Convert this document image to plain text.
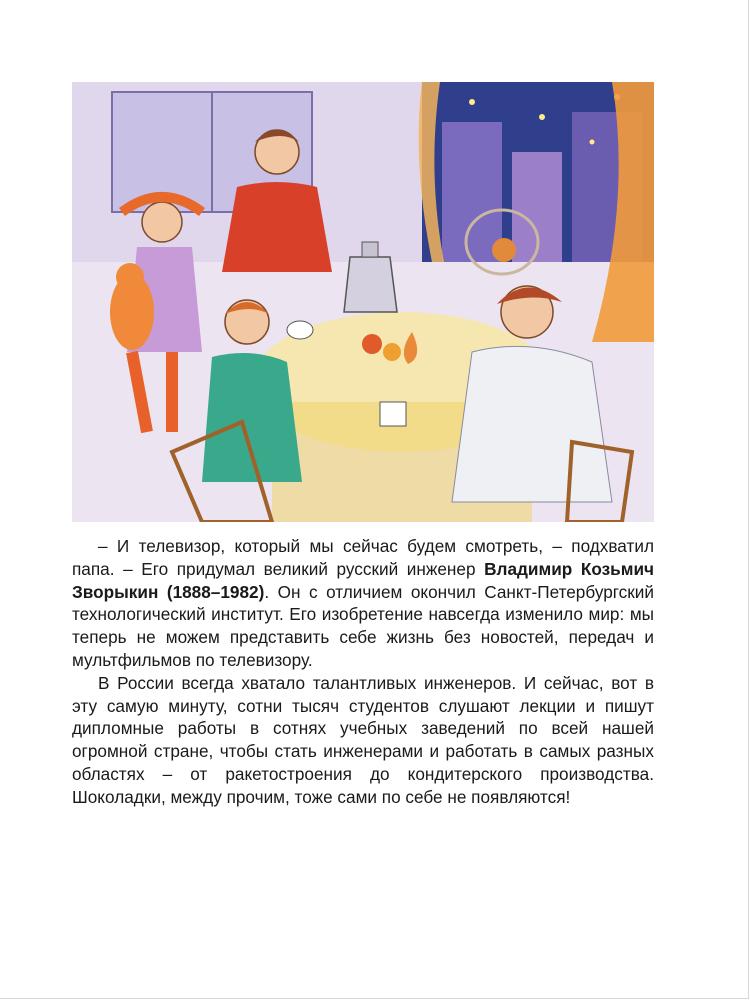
– И телевизор, который мы сейчас будем смотреть, – подхватил папа. – Его придумал великий русский инженер Владимир Козьмич Зворыкин (1888–1982). Он с отличием окончил Санкт-Петербургский технологический институт. Его изобретение навсегда изменило мир: мы теперь не можем представить себе жизнь без новостей, передач и мультфильмов по телевизору.

В России всегда хватало талантливых инженеров. И сейчас, вот в эту самую минуту, сотни тысяч студентов слушают лекции и пишут дипломные работы в сотнях учебных заведений по всей нашей огромной стране, чтобы стать инженерами и работать в самых разных областях – от ракетостроения до кондитерского производства. Шоколадки, между прочим, тоже сами по себе не появляются!
